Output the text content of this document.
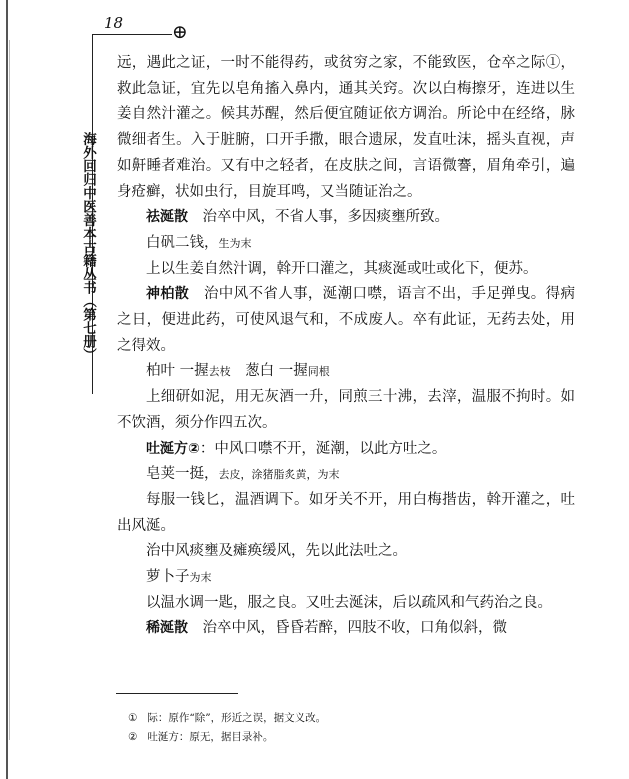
18	⊕
海外回归中医善本古籍丛书（第七册）

远，遇此之证，一时不能得药，或贫穷之家，不能致医，仓卒之际①，救此急证，宜先以皂角搐入鼻内，通其关窍。次以白梅擦牙，连进以生姜自然汁灌之。候其苏醒，然后便宜随证依方调治。所论中在经络，脉微细者生。入于脏腑，口开手撒，眼合遗尿，发直吐沫，摇头直视，声如鼾睡者难治。又有中之轻者，在皮肤之间，言语微謇，眉角牵引，遍身疮癣，状如虫行，目旋耳鸣，又当随证治之。

祛涎散　 治卒中风，不省人事，多因痰壅所致。

白矾二钱，生为末

上以生姜自然汁调，斡开口灌之，其痰涎或吐或化下，便苏。

神柏散　 治中风不省人事，涎潮口噤，语言不出，手足弹曳。得病之日，便进此药，可使风退气和，不成废人。卒有此证，无药去处，用之得效。

柏叶 一握去枝　 葱白 一握同根

上细研如泥，用无灰酒一升，同煎三十沸，去滓，温服不拘时。如不饮酒，须分作四五次。

吐涎方②：中风口噤不开，涎潮，以此方吐之。

皂荚一挺，去皮，涂猪脂炙黄，为末

每服一钱匕，温酒调下。如牙关不开，用白梅揩齿，斡开灌之，吐出风涎。

治中风痰壅及瘫痪缓风，先以此法吐之。

萝卜子为末

以温水调一匙，服之良。又吐去涎沫，后以疏风和气药治之良。

稀涎散　 治卒中风，昏昏若醉，四肢不收，口角似斜，微

① 际：原作“除”，形近之误，据文义改。

② 吐涎方：原无，据目录补。
